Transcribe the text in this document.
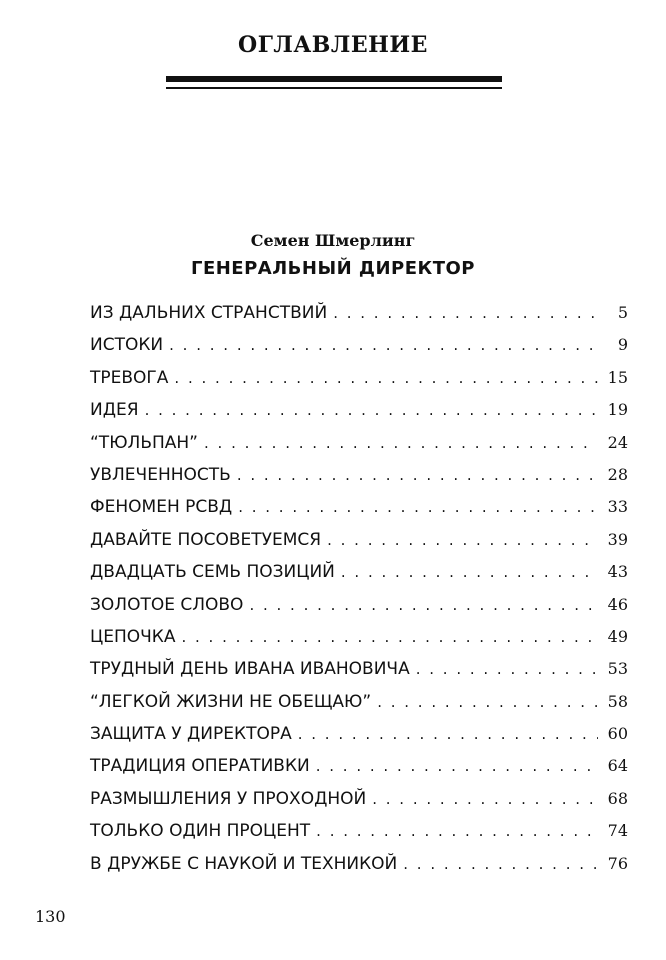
ОГЛАВЛЕНИЕ
Семен Шмерлинг
ГЕНЕРАЛЬНЫЙ ДИРЕКТОР
ИЗ ДАЛЬНИХ СТРАНСТВИЙ . . .	5
ИСТОКИ . . .	9
ТРЕВОГА . . .	15
ИДЕЯ . . .	19
“ТЮЛЬПАН” . . .	24
УВЛЕЧЕННОСТЬ . . .	28
ФЕНОМЕН РСВД . . .	33
ДАВАЙТЕ ПОСОВЕТУЕМСЯ . . .	39
ДВАДЦАТЬ СЕМЬ ПОЗИЦИЙ . . .	43
ЗОЛОТОЕ СЛОВО . . .	46
ЦЕПОЧКА . . .	49
ТРУДНЫЙ ДЕНЬ ИВАНА ИВАНОВИЧА . . .	53
“ЛЕГКОЙ ЖИЗНИ НЕ ОБЕЩАЮ” . . .	58
ЗАЩИТА У ДИРЕКТОРА . . .	60
ТРАДИЦИЯ ОПЕРАТИВКИ . . .	64
РАЗМЫШЛЕНИЯ У ПРОХОДНОЙ . . .	68
ТОЛЬКО ОДИН ПРОЦЕНТ . . .	74
В ДРУЖБЕ С НАУКОЙ И ТЕХНИКОЙ . . .	76
130
